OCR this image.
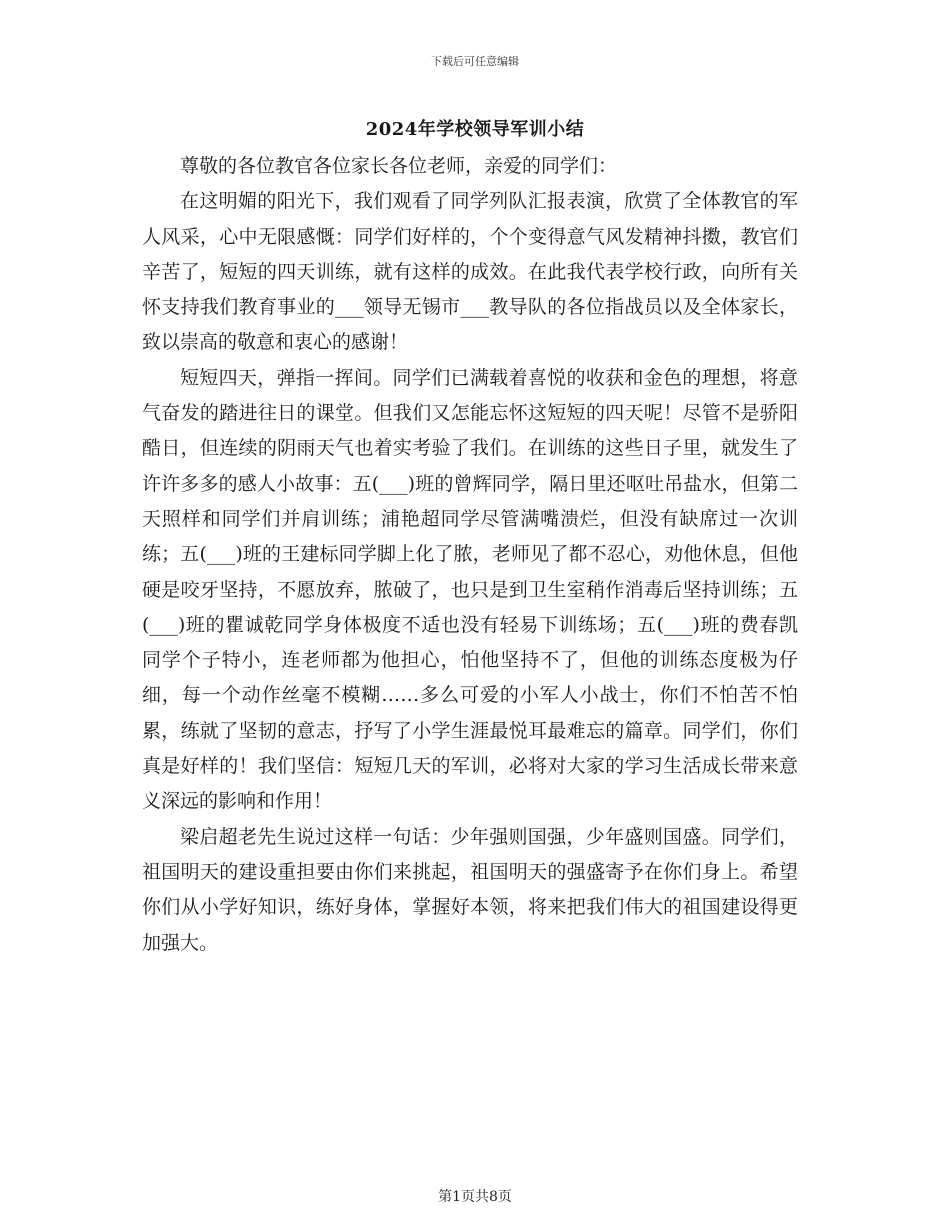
下载后可任意编辑
2024年学校领导军训小结

尊敬的各位教官各位家长各位老师，亲爱的同学们：

在这明媚的阳光下，我们观看了同学列队汇报表演，欣赏了全体教官的军人风采，心中无限感慨：同学们好样的，个个变得意气风发精神抖擞，教官们辛苦了，短短的四天训练，就有这样的成效。在此我代表学校行政，向所有关怀支持我们教育事业的___领导无锡市___教导队的各位指战员以及全体家长，致以崇高的敬意和衷心的感谢！

短短四天，弹指一挥间。同学们已满载着喜悦的收获和金色的理想，将意气奋发的踏进往日的课堂。但我们又怎能忘怀这短短的四天呢！尽管不是骄阳酷日，但连续的阴雨天气也着实考验了我们。在训练的这些日子里，就发生了许许多多的感人小故事：五(___)班的曾辉同学，隔日里还呕吐吊盐水，但第二天照样和同学们并肩训练；浦艳超同学尽管满嘴溃烂，但没有缺席过一次训练；五(___)班的王建标同学脚上化了脓，老师见了都不忍心，劝他休息，但他硬是咬牙坚持，不愿放弃，脓破了，也只是到卫生室稍作消毒后坚持训练；五(___)班的瞿诚乾同学身体极度不适也没有轻易下训练场；五(___)班的费春凯同学个子特小，连老师都为他担心，怕他坚持不了，但他的训练态度极为仔细，每一个动作丝毫不模糊……多么可爱的小军人小战士，你们不怕苦不怕累，练就了坚韧的意志，抒写了小学生涯最悦耳最难忘的篇章。同学们，你们真是好样的！我们坚信：短短几天的军训，必将对大家的学习生活成长带来意义深远的影响和作用！

梁启超老先生说过这样一句话：少年强则国强，少年盛则国盛。同学们，祖国明天的建设重担要由你们来挑起，祖国明天的强盛寄予在你们身上。希望你们从小学好知识，练好身体，掌握好本领，将来把我们伟大的祖国建设得更加强大。

第1页共8页
